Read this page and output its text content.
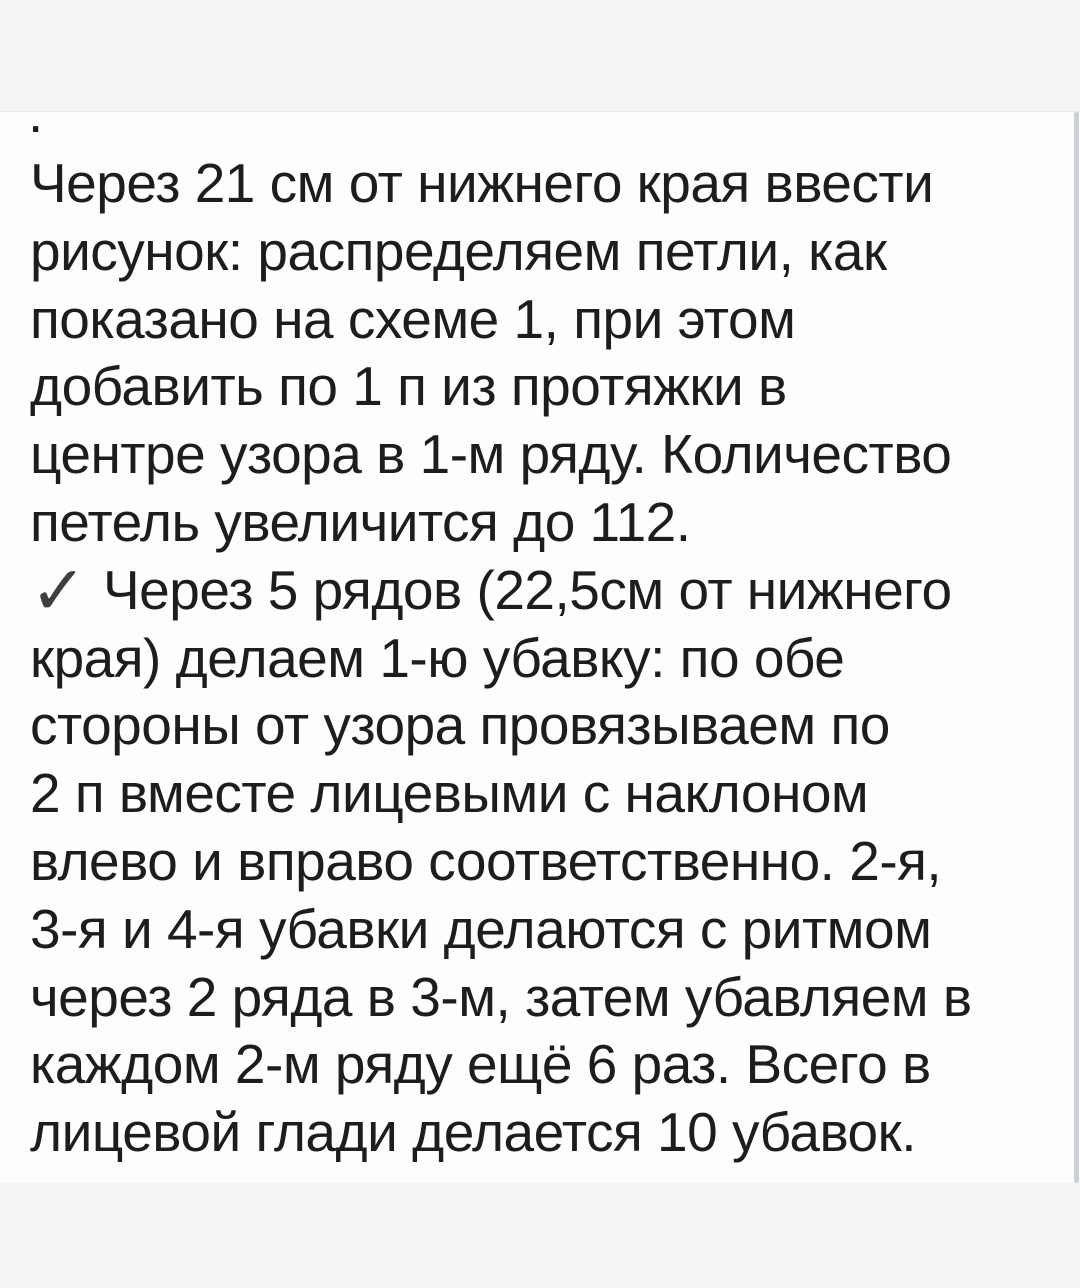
.
Через 21 см от нижнего края ввести
рисунок: распределяем петли, как
показано на схеме 1, при этом
добавить по 1 п из протяжки в
центре узора в 1-м ряду. Количество
петель увеличится до 112.
✓ Через 5 рядов (22,5см от нижнего
края) делаем 1-ю убавку: по обе
стороны от узора провязываем по
2 п вместе лицевыми с наклоном
влево и вправо соответственно. 2-я,
3-я и 4-я убавки делаются с ритмом
через 2 ряда в 3-м, затем убавляем в
каждом 2-м ряду ещё 6 раз. Всего в
лицевой глади делается 10 убавок.
